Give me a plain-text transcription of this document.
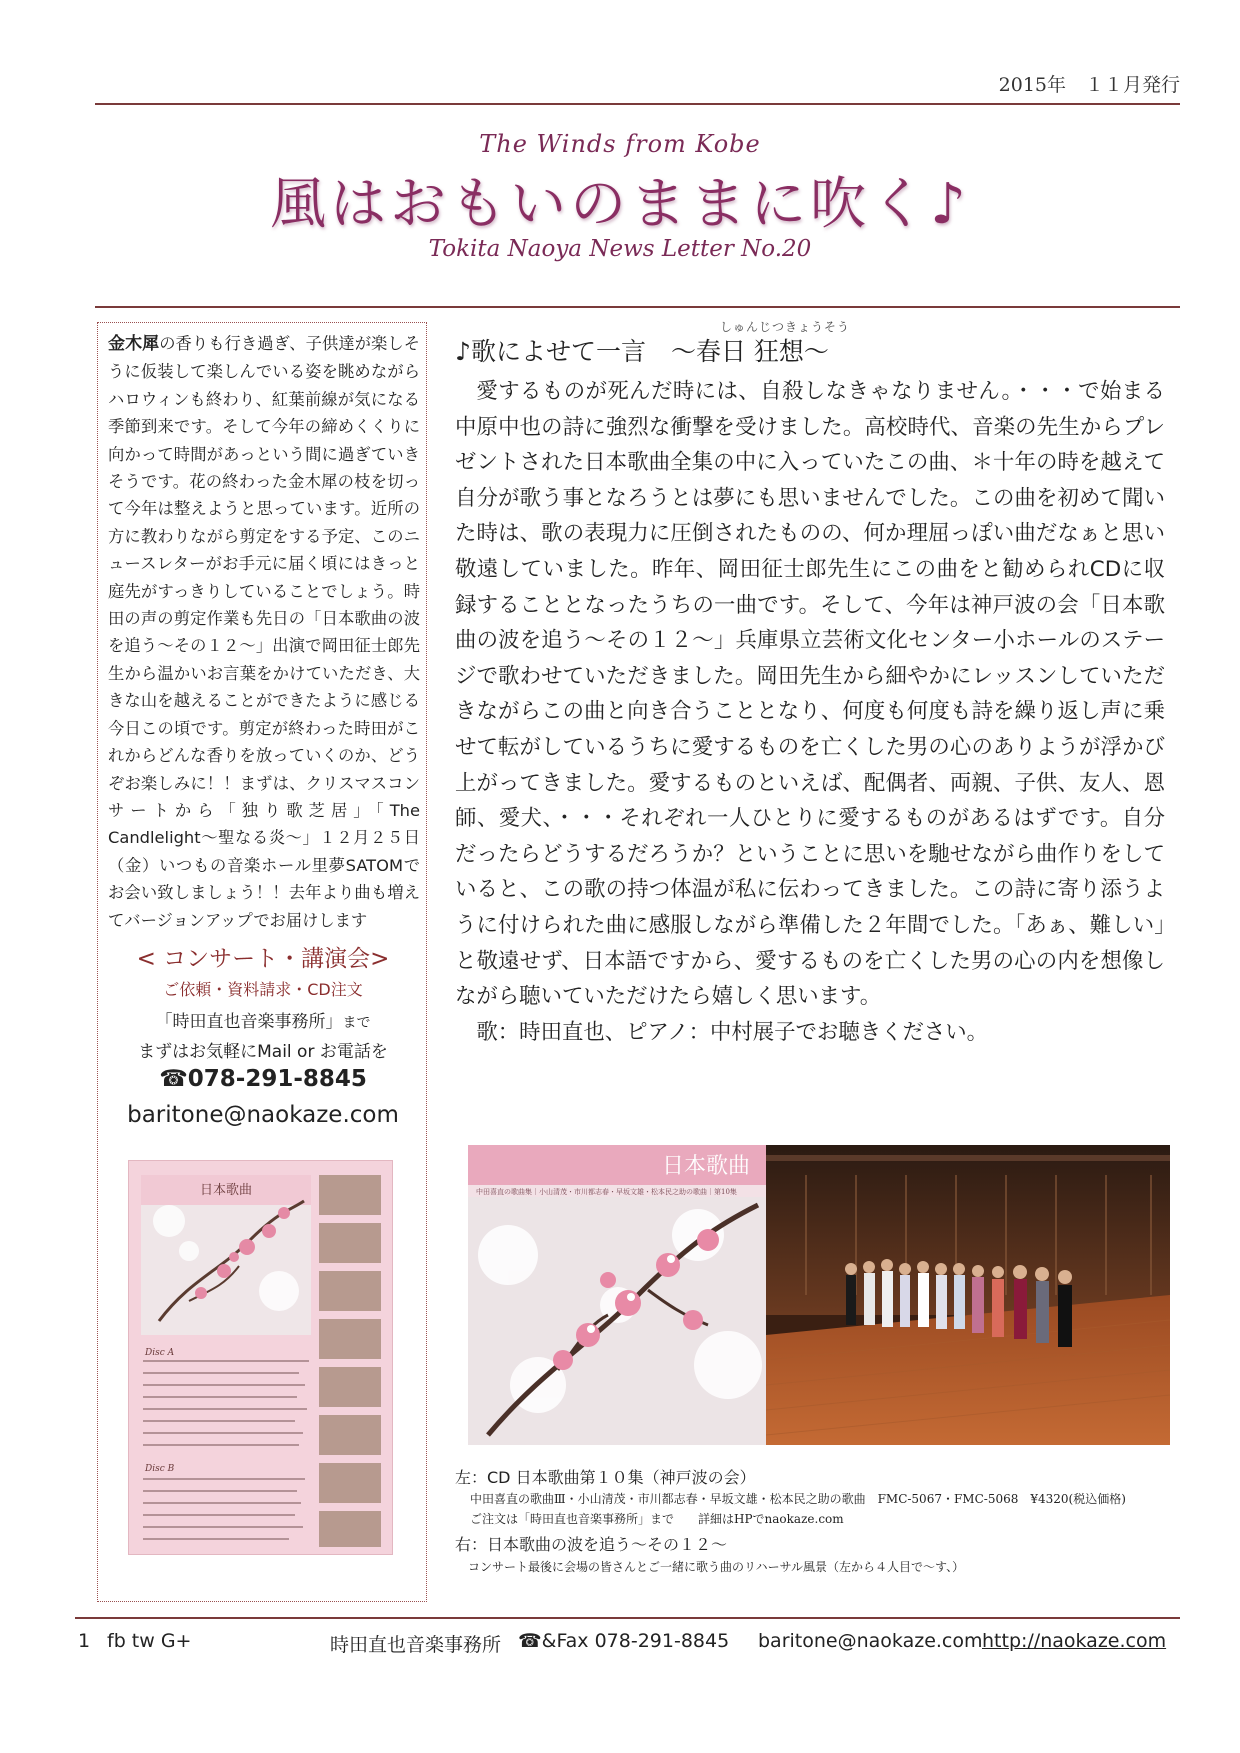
2015年　１１月発行
The Winds from Kobe
風はおもいのままに吹く♪
Tokita Naoya News Letter No.20
金木犀の香りも行き過ぎ、子供達が楽しそうに仮装して楽しんでいる姿を眺めながらハロウィンも終わり、紅葉前線が気になる季節到来です。そして今年の締めくくりに向かって時間があっという間に過ぎていきそうです。花の終わった金木犀の枝を切って今年は整えようと思っています。近所の方に教わりながら剪定をする予定、このニュースレターがお手元に届く頃にはきっと庭先がすっきりしていることでしょう。時田の声の剪定作業も先日の「日本歌曲の波を追う〜その１２〜」出演で岡田征士郎先生から温かいお言葉をかけていただき、大きな山を越えることができたように感じる今日この頃です。剪定が終わった時田がこれからどんな香りを放っていくのか、どうぞお楽しみに！！まずは、クリスマスコンサートから「独り歌芝居」「The Candlelight〜聖なる炎〜」１２月２５日（金）いつもの音楽ホール里夢SATOMでお会い致しましょう！！去年より曲も増えてバージョンアップでお届けします
< コンサート・講演会>
ご依頼・資料請求・CD注文
「時田直也音楽事務所」まで
まずはお気軽にMail or お電話を
☎078-291-8845
baritone@naokaze.com
日本歌曲
Disc A
Disc B
しゅんじつきょうそう
♪歌によせて一言　〜春日 狂想〜

愛するものが死んだ時には、自殺しなきゃなりません。・・・で始まる中原中也の詩に強烈な衝撃を受けました。高校時代、音楽の先生からプレゼントされた日本歌曲全集の中に入っていたこの曲、＊十年の時を越えて自分が歌う事となろうとは夢にも思いませんでした。この曲を初めて聞いた時は、歌の表現力に圧倒されたものの、何か理屈っぽい曲だなぁと思い敬遠していました。昨年、岡田征士郎先生にこの曲をと勧められCDに収録することとなったうちの一曲です。そして、今年は神戸波の会「日本歌曲の波を追う〜その１２〜」兵庫県立芸術文化センター小ホールのステージで歌わせていただきました。岡田先生から細やかにレッスンしていただきながらこの曲と向き合うこととなり、何度も何度も詩を繰り返し声に乗せて転がしているうちに愛するものを亡くした男の心のありようが浮かび上がってきました。愛するものといえば、配偶者、両親、子供、友人、恩師、愛犬、・・・それぞれ一人ひとりに愛するものがあるはずです。自分だったらどうするだろうか？ということに思いを馳せながら曲作りをしていると、この歌の持つ体温が私に伝わってきました。この詩に寄り添うように付けられた曲に感服しながら準備した２年間でした。「あぁ、難しい」と敬遠せず、日本語ですから、愛するものを亡くした男の心の内を想像しながら聴いていただけたら嬉しく思います。

歌：時田直也、ピアノ：中村展子でお聴きください。

日本歌曲
中田喜直の歌曲集｜小山清茂・市川都志春・早坂文雄・松本民之助の歌曲｜第10集
左：CD 日本歌曲第１０集（神戸波の会）
中田喜直の歌曲Ⅲ・小山清茂・市川都志春・早坂文雄・松本民之助の歌曲　FMC-5067・FMC-5068　¥4320(税込価格)
ご注文は「時田直也音楽事務所」まで　　詳細はHPでnaokaze.com
右：日本歌曲の波を追う〜その１２〜
コンサート最後に会場の皆さんとご一緒に歌う曲のリハーサル風景（左から４人目で〜す、）
1 fb tw G+	時田直也音楽事務所 ☎&Fax 078-291-8845 baritone@naokaze.com http://naokaze.com
